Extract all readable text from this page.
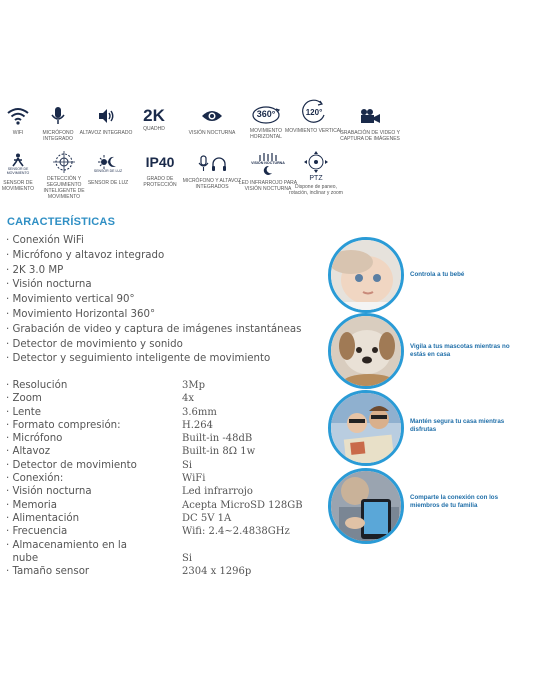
WIFI	MICRÓFONO INTEGRADO
ALTAVOZ INTEGRADO
2K
QUADHD
VISIÓN NOCTURNA
360°
MOVIMIENTO HORIZONTAL
120°
MOVIMIENTO VERTICAL
GRABACIÓN DE VIDEO Y CAPTURA DE IMÁGENES
SENSOR DE MOVIMIENTO
SENSOR DE MOVIMIENTO
DETECCIÓN Y SEGUIMIENTO INTELIGENTE DE MOVIMIENTO
SENSOR DE LUZ
SENSOR DE LUZ
IP40
GRADO DE PROTECCIÓN
MICRÓFONO Y ALTAVOZ INTEGRADOS
VISIÓN NOCTURNA
LED INFRARROJO PARA VISIÓN NOCTURNA
PTZ
Dispone de paneo, rotación, inclinar y zoom
CARACTERÍSTICAS
· Conexión WiFi
· Micrófono y altavoz integrado
· 2K 3.0 MP
· Visión nocturna
· Movimiento vertical 90°
· Movimiento Horizontal 360°
· Grabación de video y captura de imágenes instantáneas
· Detector de movimiento y sonido
· Detector y seguimiento inteligente de movimiento
· Resolución	3Mp
· Zoom	4x
· Lente	3.6mm
· Formato compresión:	H.264
· Micrófono	Built-in -48dB
· Altavoz	Built-in 8Ω 1w
· Detector de movimiento	Si
· Conexión:	WiFi
· Visión nocturna	Led infrarrojo
· Memoria	Acepta MicroSD 128GB
· Alimentación	DC 5V 1A
· Frecuencia	Wifi: 2.4~2.4838GHz
· Almacenamiento en la
nube	Si
· Tamaño sensor	2304 x 1296p
Controla a tu bebé
Vigila a tus mascotas mientras no estás en casa
Mantén segura tu casa mientras disfrutas
Comparte la conexión con los miembros de tu familia
